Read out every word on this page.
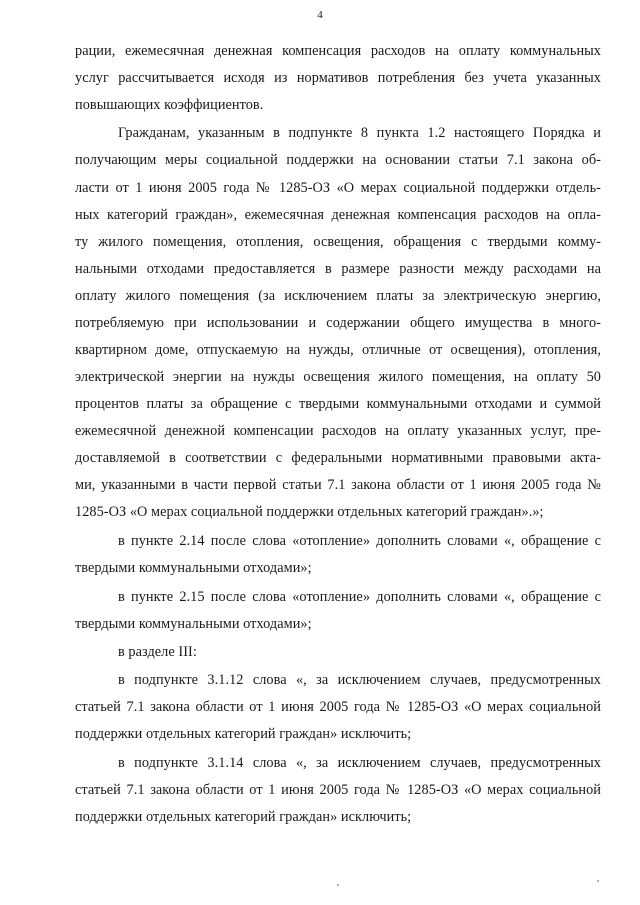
4
рации, ежемесячная денежная компенсация расходов на оплату коммунальных
услуг рассчитывается исходя из нормативов потребления без учета указанных
повышающих коэффициентов.
Гражданам, указанным в подпункте 8 пункта 1.2 настоящего Порядка и
получающим меры социальной поддержки на основании статьи 7.1 закона об-
ласти от 1 июня 2005 года № 1285-ОЗ «О мерах социальной поддержки отдель-
ных категорий граждан», ежемесячная денежная компенсация расходов на опла-
ту жилого помещения, отопления, освещения, обращения с твердыми комму-
нальными отходами предоставляется в размере разности между расходами на
оплату жилого помещения (за исключением платы за электрическую энергию,
потребляемую при использовании и содержании общего имущества в много-
квартирном доме, отпускаемую на нужды, отличные от освещения), отопления,
электрической энергии на нужды освещения жилого помещения, на оплату 50
процентов платы за обращение с твердыми коммунальными отходами и суммой
ежемесячной денежной компенсации расходов на оплату указанных услуг, пре-
доставляемой в соответствии с федеральными нормативными правовыми акта-
ми, указанными в части первой статьи 7.1 закона области от 1 июня 2005 года №
1285-ОЗ «О мерах социальной поддержки отдельных категорий граждан».»;
в пункте 2.14 после слова «отопление» дополнить словами «, обращение с
твердыми коммунальными отходами»;
в пункте 2.15 после слова «отопление» дополнить словами «, обращение с
твердыми коммунальными отходами»;
в разделе III:
в подпункте 3.1.12 слова «, за исключением случаев, предусмотренных
статьей 7.1 закона области от 1 июня 2005 года № 1285-ОЗ «О мерах социальной
поддержки отдельных категорий граждан» исключить;
в подпункте 3.1.14 слова «, за исключением случаев, предусмотренных
статьей 7.1 закона области от 1 июня 2005 года № 1285-ОЗ «О мерах социальной
поддержки отдельных категорий граждан» исключить;
